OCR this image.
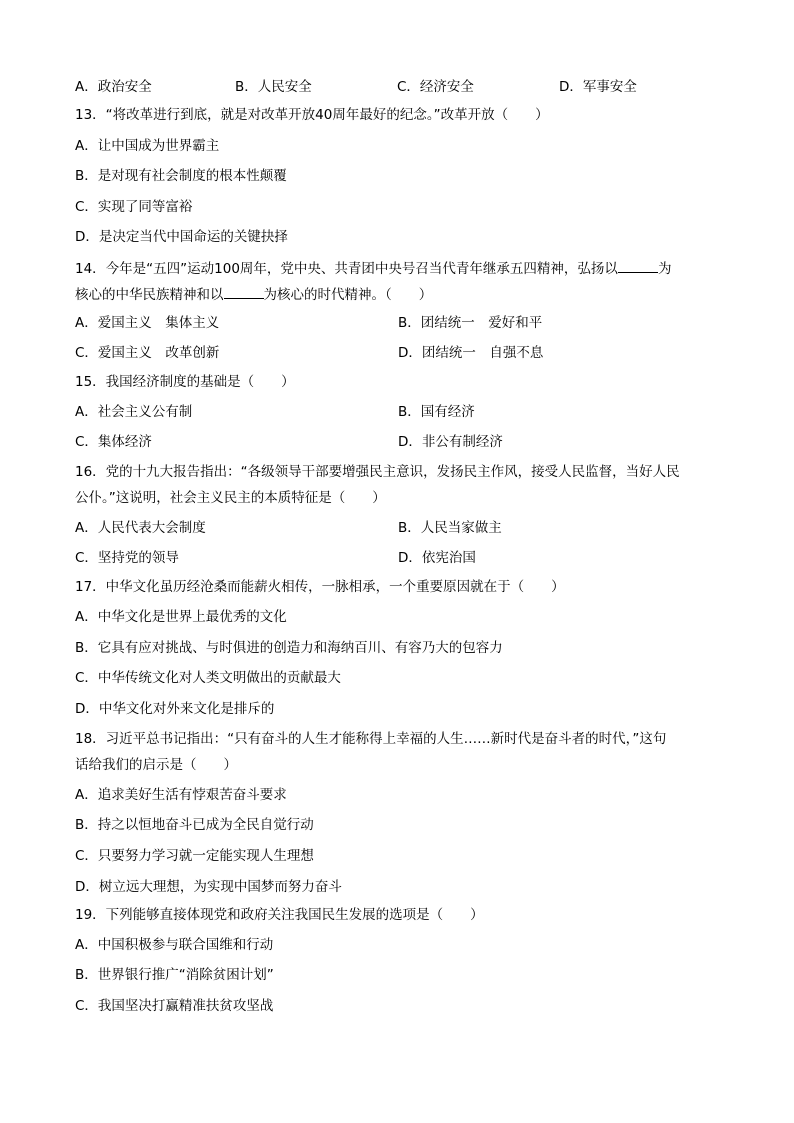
A．政治安全	B．人民安全	C．经济安全	D．军事安全
13．“将改革进行到底，就是对改革开放40周年最好的纪念。”改革开放（　　）
A．让中国成为世界霸主
B．是对现有社会制度的根本性颠覆
C．实现了同等富裕
D．是决定当代中国命运的关键抉择
14．今年是“五四”运动100周年，党中央、共青团中央号召当代青年继承五四精神，弘扬以	为
核心的中华民族精神和以	为核心的时代精神。（　　）
A．爱国主义　集体主义	B．团结统一　爱好和平
C．爱国主义　改革创新	D．团结统一　自强不息
15．我国经济制度的基础是（　　）
A．社会主义公有制	B．国有经济
C．集体经济	D．非公有制经济
16．党的十九大报告指出：“各级领导干部要增强民主意识，发扬民主作风，接受人民监督，当好人民
公仆。”这说明，社会主义民主的本质特征是（　　）
A．人民代表大会制度	B．人民当家做主
C．坚持党的领导	D．依宪治国
17．中华文化虽历经沧桑而能薪火相传，一脉相承，一个重要原因就在于（　　）
A．中华文化是世界上最优秀的文化
B．它具有应对挑战、与时俱进的创造力和海纳百川、有容乃大的包容力
C．中华传统文化对人类文明做出的贡献最大
D．中华文化对外来文化是排斥的
18．习近平总书记指出：“只有奋斗的人生才能称得上幸福的人生……新时代是奋斗者的时代，”这句
话给我们的启示是（　　）
A．追求美好生活有悖艰苦奋斗要求
B．持之以恒地奋斗已成为全民自觉行动
C．只要努力学习就一定能实现人生理想
D．树立远大理想，为实现中国梦而努力奋斗
19．下列能够直接体现党和政府关注我国民生发展的选项是（　　）
A．中国积极参与联合国维和行动
B．世界银行推广“消除贫困计划”
C．我国坚决打赢精准扶贫攻坚战
